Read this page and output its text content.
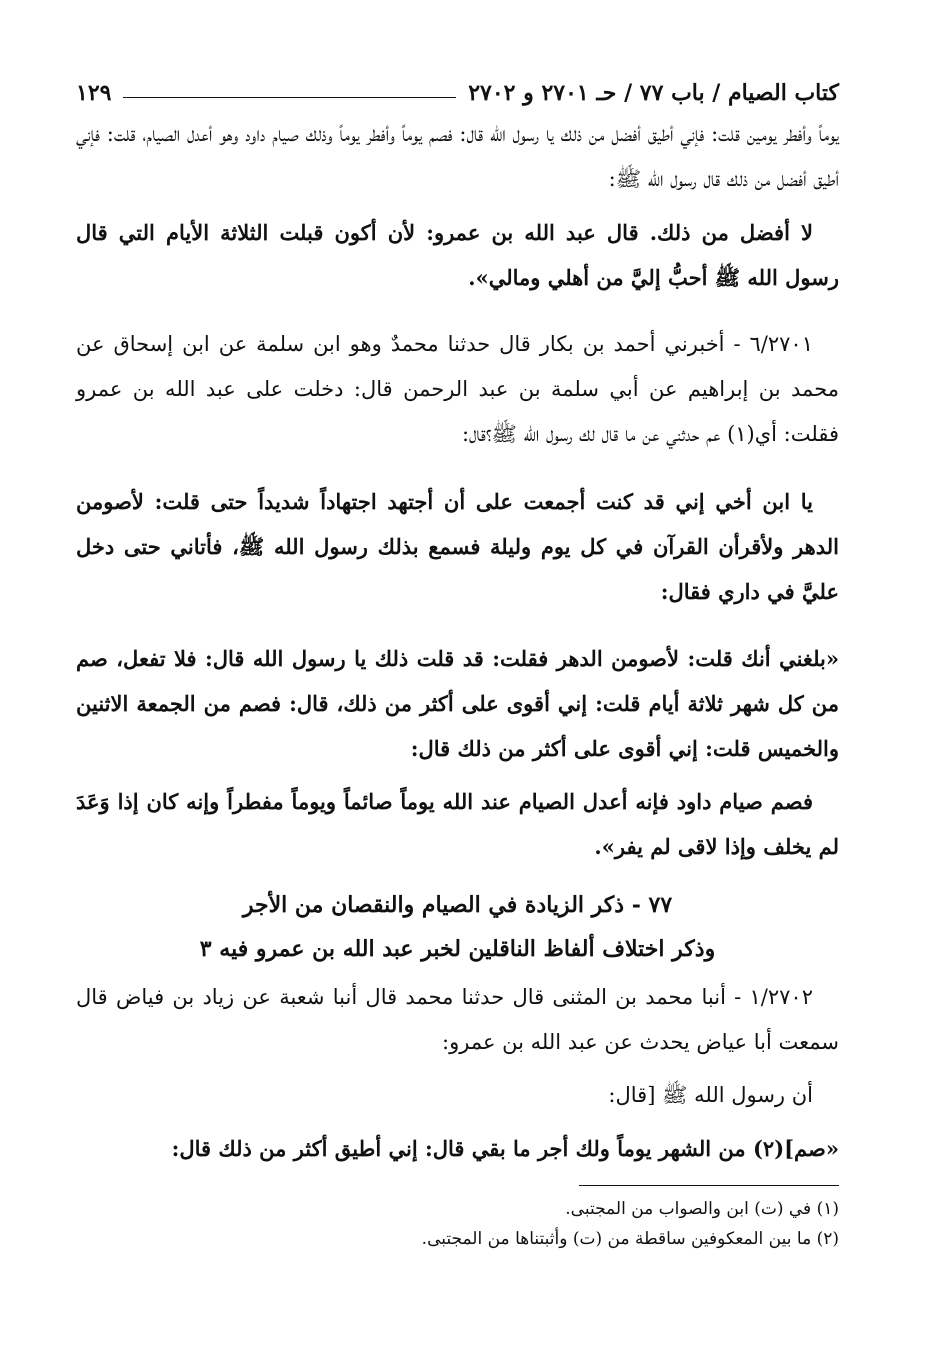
كتاب الصيام / باب ٧٧ / حـ ٢٧٠١ و ٢٧٠٢
١٢٩

يوماً وأفطر يومين قلت: فإني أطيق أفضل من ذلك يا رسول الله قال: فصم يوماً وأفطر يوماً وذلك صيام داود وهو أعدل الصيام، قلت: فإني أطيق أفضل من ذلك قال رسول الله ﷺ:

لا أفضل من ذلك. قال عبد الله بن عمرو: لأن أكون قبلت الثلاثة الأيام التي قال رسول الله ﷺ أحبُّ إليَّ من أهلي ومالي».

٦/٢٧٠١ - أخبرني أحمد بن بكار قال حدثنا محمدٌ وهو ابن سلمة عن ابن إسحاق عن محمد بن إبراهيم عن أبي سلمة بن عبد الرحمن قال: دخلت على عبد الله بن عمرو فقلت: أي(١) عم حدثني عن ما قال لك رسول الله ﷺ؟قال:

يا ابن أخي إني قد كنت أجمعت على أن أجتهد اجتهاداً شديداً حتى قلت: لأصومن الدهر ولأقرأن القرآن في كل يوم وليلة فسمع بذلك رسول الله ﷺ، فأتاني حتى دخل عليَّ في داري فقال:

«بلغني أنك قلت: لأصومن الدهر فقلت: قد قلت ذلك يا رسول الله قال: فلا تفعل، صم من كل شهر ثلاثة أيام قلت: إني أقوى على أكثر من ذلك، قال: فصم من الجمعة الاثنين والخميس قلت: إني أقوى على أكثر من ذلك قال:

فصم صيام داود فإنه أعدل الصيام عند الله يوماً صائماً ويوماً مفطراً وإنه كان إذا وَعَدَ لم يخلف وإذا لاقى لم يفر».

٧٧ - ذكر الزيادة في الصيام والنقصان من الأجر
وذكر اختلاف ألفاظ الناقلين لخبر عبد الله بن عمرو فيه ٣

١/٢٧٠٢ - أنبا محمد بن المثنى قال حدثنا محمد قال أنبا شعبة عن زياد بن فياض قال سمعت أبا عياض يحدث عن عبد الله بن عمرو:

أن رسول الله ﷺ [قال:

«صم](٢) من الشهر يوماً ولك أجر ما بقي قال: إني أطيق أكثر من ذلك قال:

(١) في (ت) ابن والصواب من المجتبى.
(٢) ما بين المعكوفين ساقطة من (ت) وأثبتناها من المجتبى.
